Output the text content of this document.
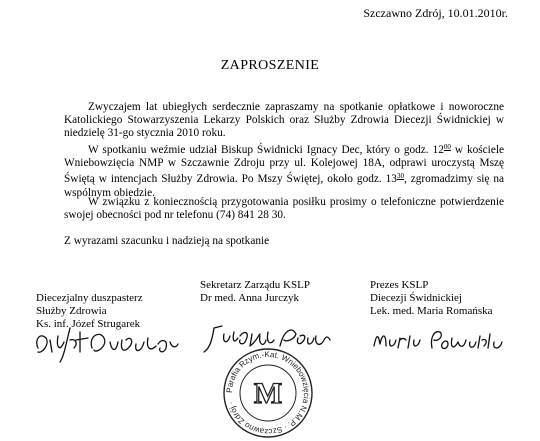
Szczawno Zdrój, 10.01.2010r.
ZAPROSZENIE
Zwyczajem lat ubiegłych serdecznie zapraszamy na spotkanie opłatkowe i noworoczne Katolickiego Stowarzyszenia Lekarzy Polskich oraz Służby Zdrowia Diecezji Świdnickiej w niedzielę 31-go stycznia 2010 roku.
W spotkaniu weźmie udział Biskup Świdnicki Ignacy Dec, który o godz. $12^{00}$ w kościele Wniebowzięcia NMP w Szczawnie Zdroju przy ul. Kolejowej 18A, odprawi uroczystą Mszę Świętą w intencjach Służby Zdrowia. Po Mszy Świętej, około godz. $13^{30}$, zgromadzimy się na wspólnym obiedzie.
W związku z koniecznością przygotowania posiłku prosimy o telefoniczne potwierdzenie swojej obecności pod nr telefonu (74) 841 28 30.
Z wyrazami szacunku i nadzieją na spotkanie
Diecezjalny duszpasterz
Służby Zdrowia
Ks. inf. Józef Strugarek
Sekretarz Zarządu KSLP
Dr med. Anna Jurczyk
Prezes KSLP
Diecezji Świdnickiej
Lek. med. Maria Romańska
Parafia Rzym.-Kat. Wniebowzięcia N.M.P. · Szczawno Zdrój · M
